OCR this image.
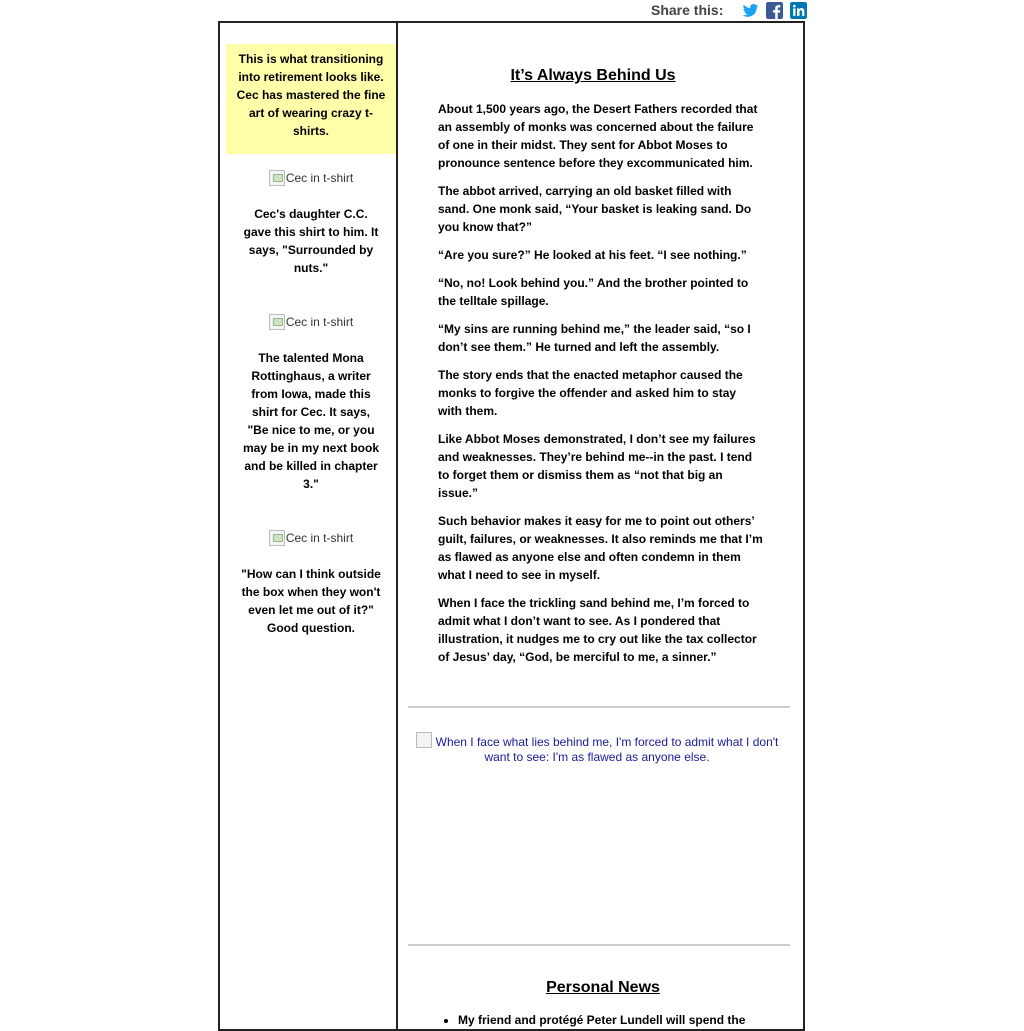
Share this:
This is what transitioning into retirement looks like. Cec has mastered the fine art of wearing crazy t-shirts.
Cec in t-shirt
Cec's daughter C.C. gave this shirt to him. It says, "Surrounded by nuts."
Cec in t-shirt
The talented Mona Rottinghaus, a writer from Iowa, made this shirt for Cec. It says, "Be nice to me, or you may be in my next book and be killed in chapter 3."
Cec in t-shirt
"How can I think outside the box when they won't even let me out of it?" Good question.
It’s Always Behind Us

About 1,500 years ago, the Desert Fathers recorded that an assembly of monks was concerned about the failure of one in their midst. They sent for Abbot Moses to pronounce sentence before they excommunicated him.

The abbot arrived, carrying an old basket filled with sand. One monk said, “Your basket is leaking sand. Do you know that?”

“Are you sure?” He looked at his feet. “I see nothing.”

“No, no! Look behind you.” And the brother pointed to the telltale spillage.

“My sins are running behind me,” the leader said, “so I don’t see them.” He turned and left the assembly.

The story ends that the enacted metaphor caused the monks to forgive the offender and asked him to stay with them.

Like Abbot Moses demonstrated, I don’t see my failures and weaknesses. They’re behind me--in the past. I tend to forget them or dismiss them as “not that big an issue.”

Such behavior makes it easy for me to point out others’ guilt, failures, or weaknesses. It also reminds me that I’m as flawed as anyone else and often condemn in them what I need to see in myself.

When I face the trickling sand behind me, I’m forced to admit what I don’t want to see. As I pondered that illustration, it nudges me to cry out like the tax collector of Jesus’ day, “God, be merciful to me, a sinner.”

When I face what lies behind me, I'm forced to admit what I don't want to see: I'm as flawed as anyone else.
Personal News
• My friend and protégé Peter Lundell will spend the
